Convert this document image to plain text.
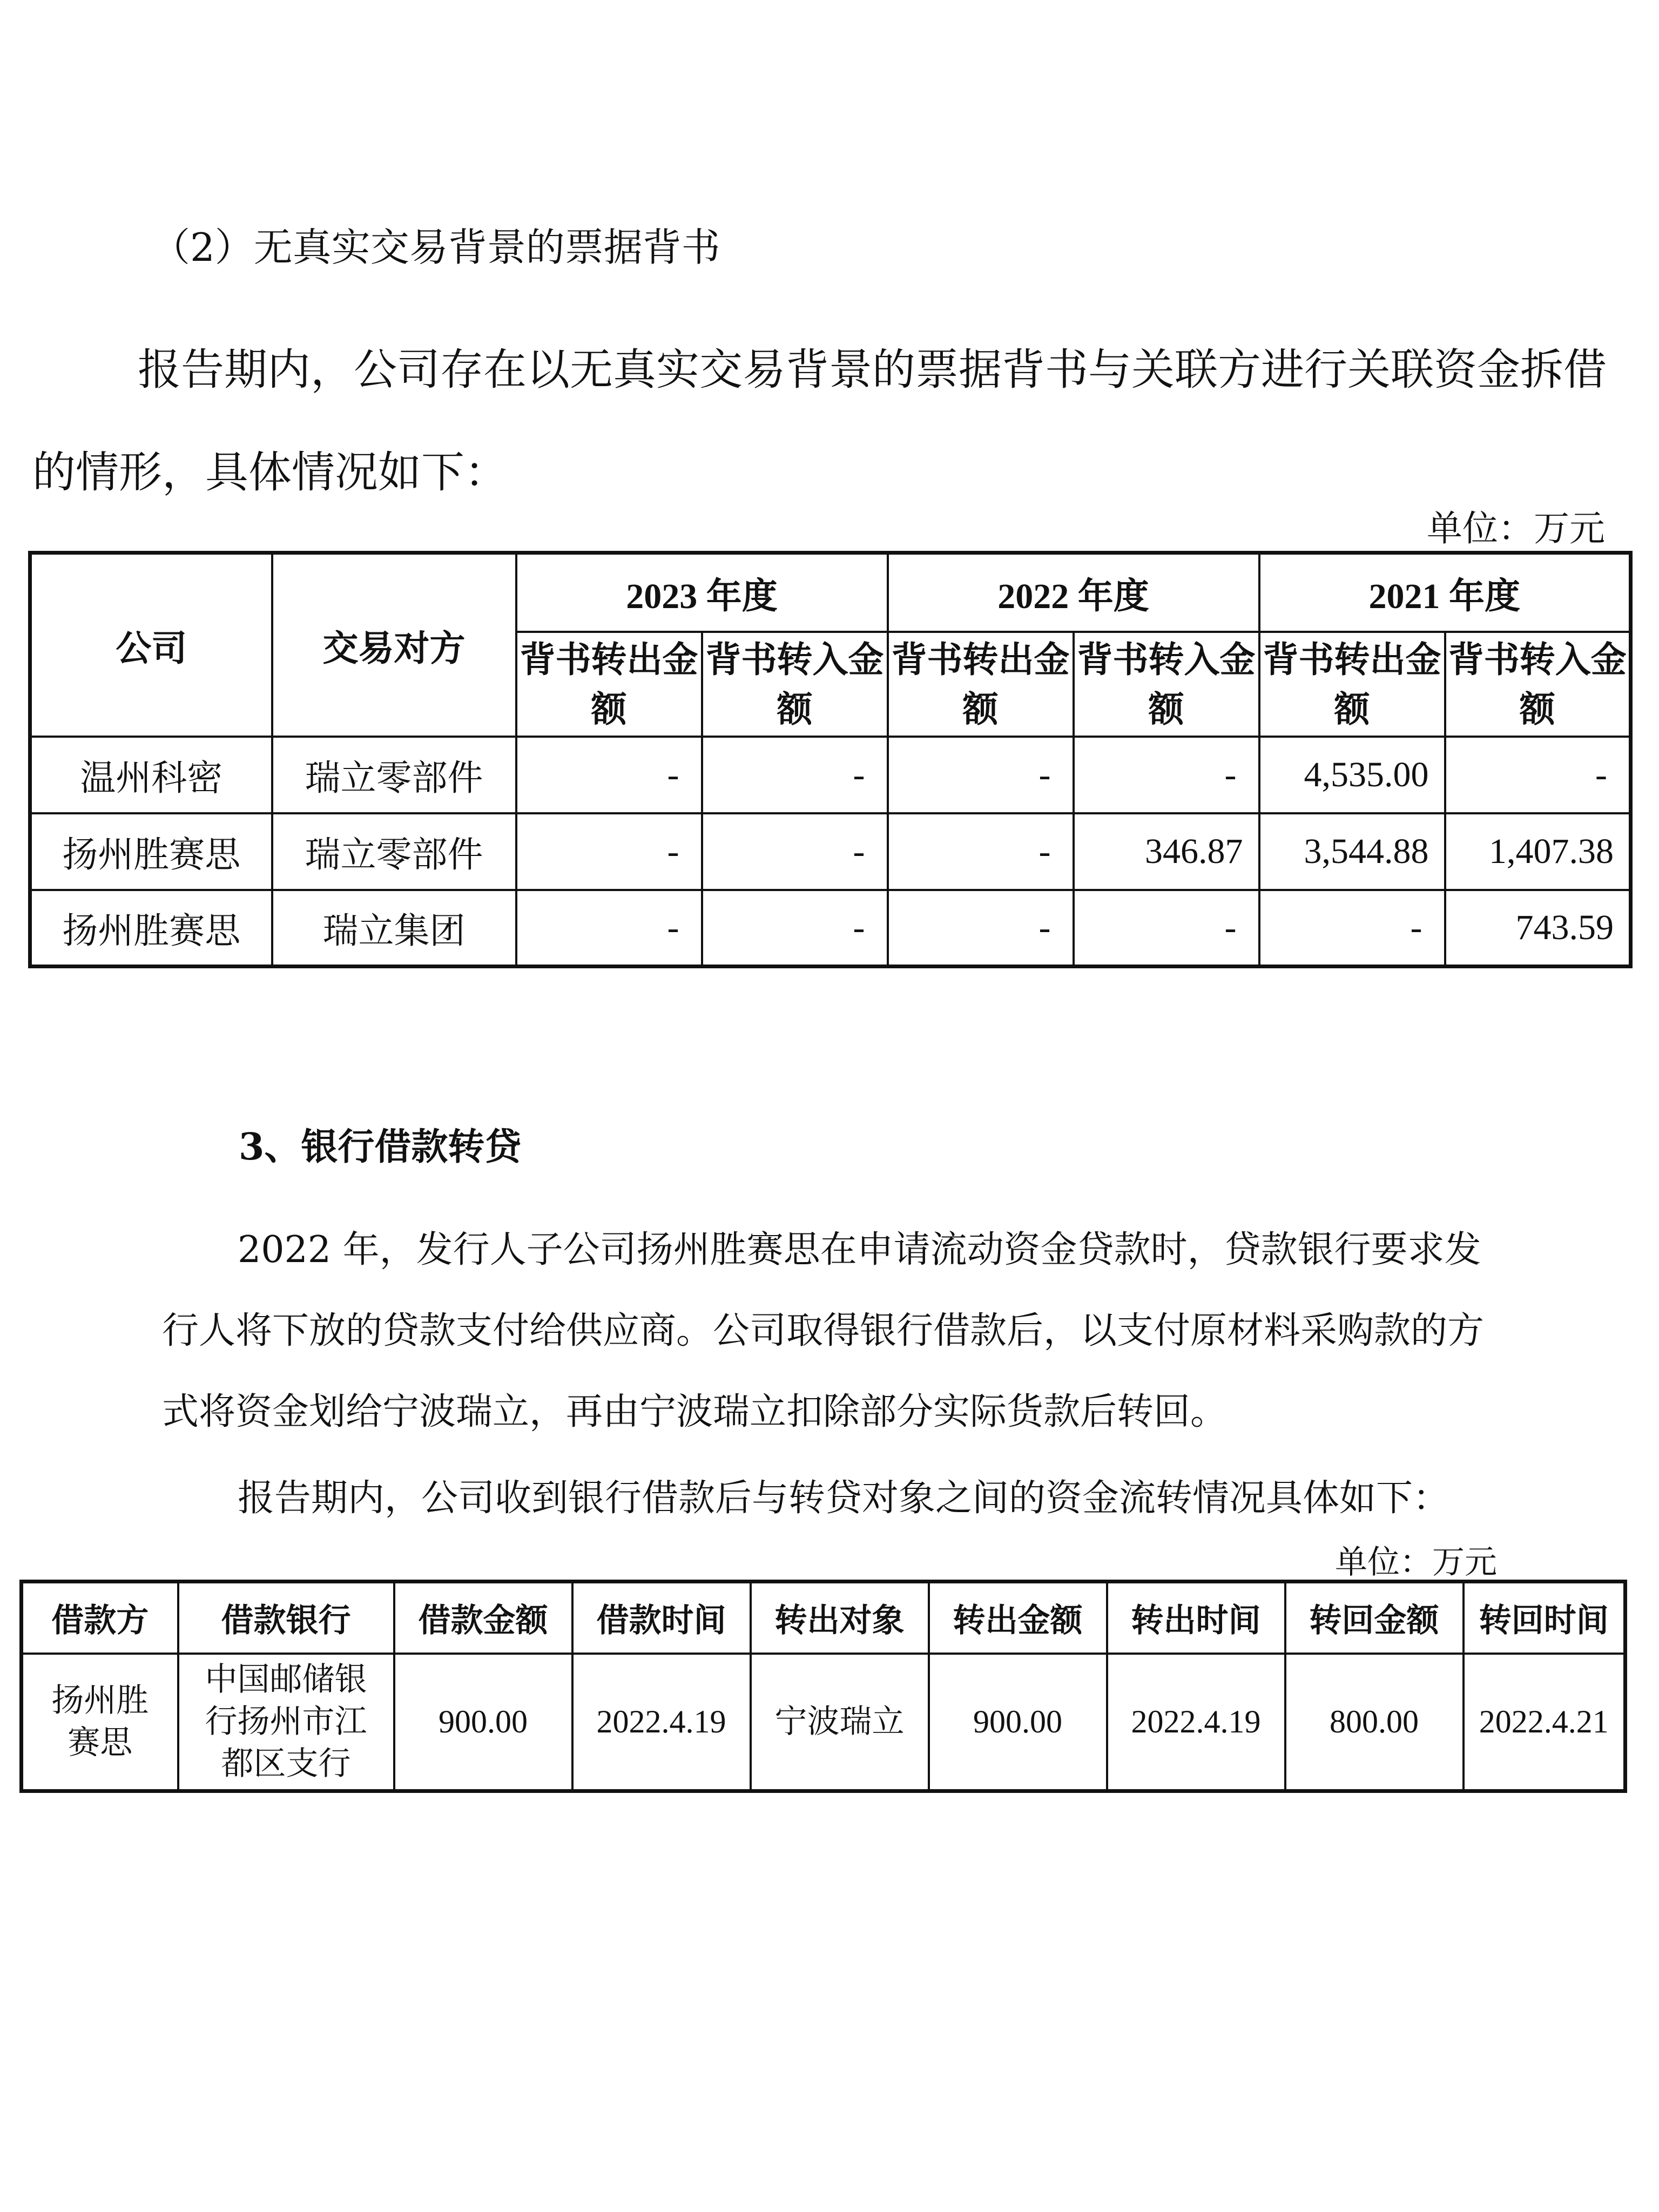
（2）无真实交易背景的票据背书
报告期内，公司存在以无真实交易背景的票据背书与关联方进行关联资金拆借的情形，具体情况如下：
单位：万元
公司	交易对方	2023 年度		2022 年度		2021 年度	
		背书转出金额	背书转入金额	背书转出金额	背书转入金额	背书转出金额	背书转入金额
温州科密	瑞立零部件	-	-	-	-	4,535.00	-
扬州胜赛思	瑞立零部件	-	-	-	346.87	3,544.88	1,407.38
扬州胜赛思	瑞立集团	-	-	-	-	-	743.59
3、银行借款转贷
2022 年，发行人子公司扬州胜赛思在申请流动资金贷款时，贷款银行要求发行人将下放的贷款支付给供应商。公司取得银行借款后，以支付原材料采购款的方式将资金划给宁波瑞立，再由宁波瑞立扣除部分实际货款后转回。
报告期内，公司收到银行借款后与转贷对象之间的资金流转情况具体如下：
单位：万元
借款方	借款银行	借款金额	借款时间	转出对象	转出金额	转出时间	转回金额	转回时间
扬州胜赛思	中国邮储银行扬州市江都区支行	900.00	2022.4.19	宁波瑞立	900.00	2022.4.19	800.00	2022.4.21
